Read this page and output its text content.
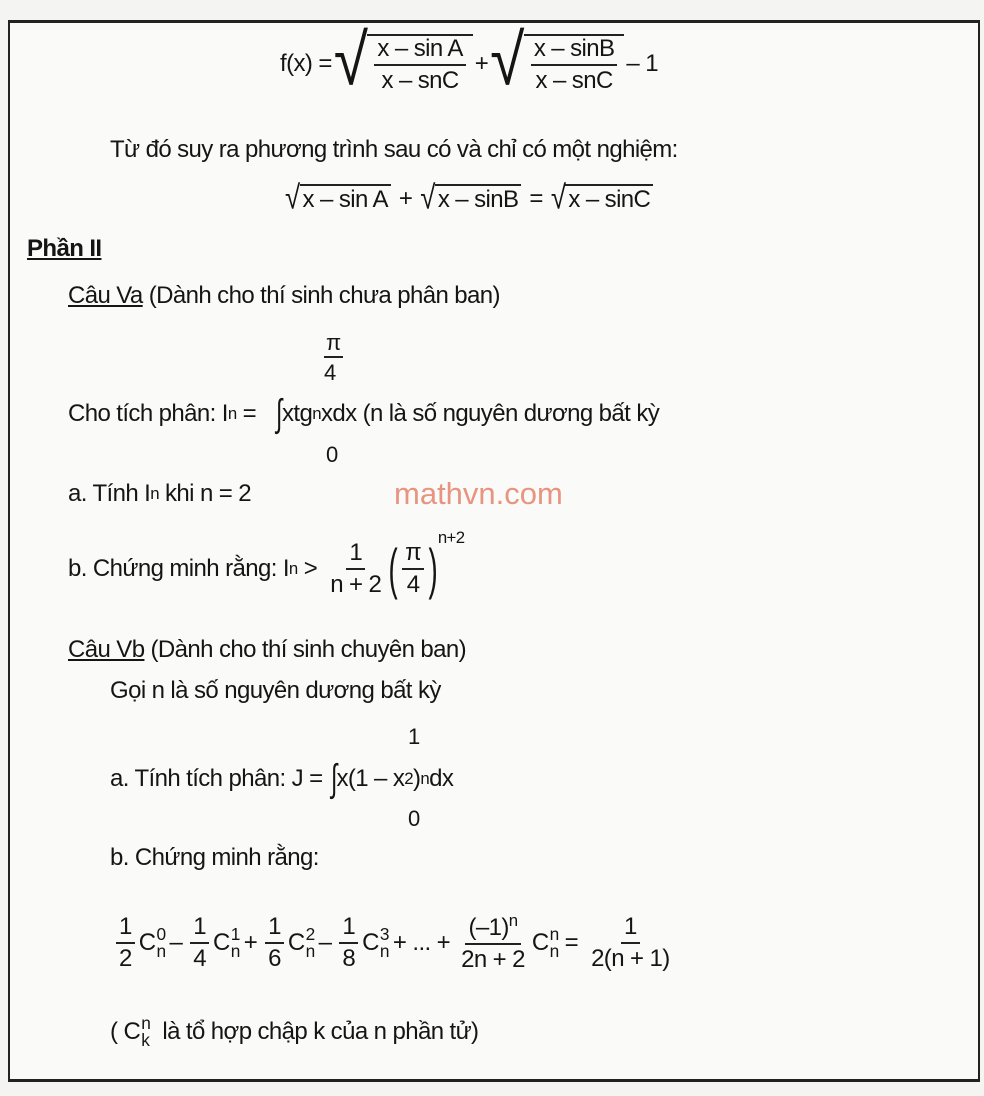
f(x) = √ $\frac{\text{x – sin A}}{\text{x – snC}}$ + √ $\frac{x - \sin B}{\text{x – snC}} - 1$
Từ đó suy ra phương trình sau có và chỉ có một nghiệm:
√ x – sin A + √ x – sinB = √ x – sinC
Phần II
Câu Va
(Dành cho thí sinh chưa phân ban)
π
4
0
Cho tích phân: I n
= ∫ xtg n xdx
(n là số nguyên dương bất kỳ
a. Tính I n
khi n = 2	mathvn.com
b. Chứng minh rằng: I n
>
$\frac{1}{n + 2}$ ( $\frac{\pi}{4}$ )
$^{n+2}$
Câu Vb
(Dành cho thí sinh chuyên ban)
Gọi n là số nguyên dương bất kỳ
1
0
a. Tính tích phân: J = ∫ x(1 – x 2 ) n dx
b. Chứng minh rằng:
$\frac{1}{2}$ C 0
n – $\frac{1}{4}$ C 1
$n + \frac{1}{6}$ C 2
n – $\frac{1}{8}$ C 3
n + ... + $\frac{(-1)^n}{2n + 2}$ C n
$n = \frac{1}{2(n + 1)}$
(
C n
k
là tổ hợp chập k của n phần tử)
